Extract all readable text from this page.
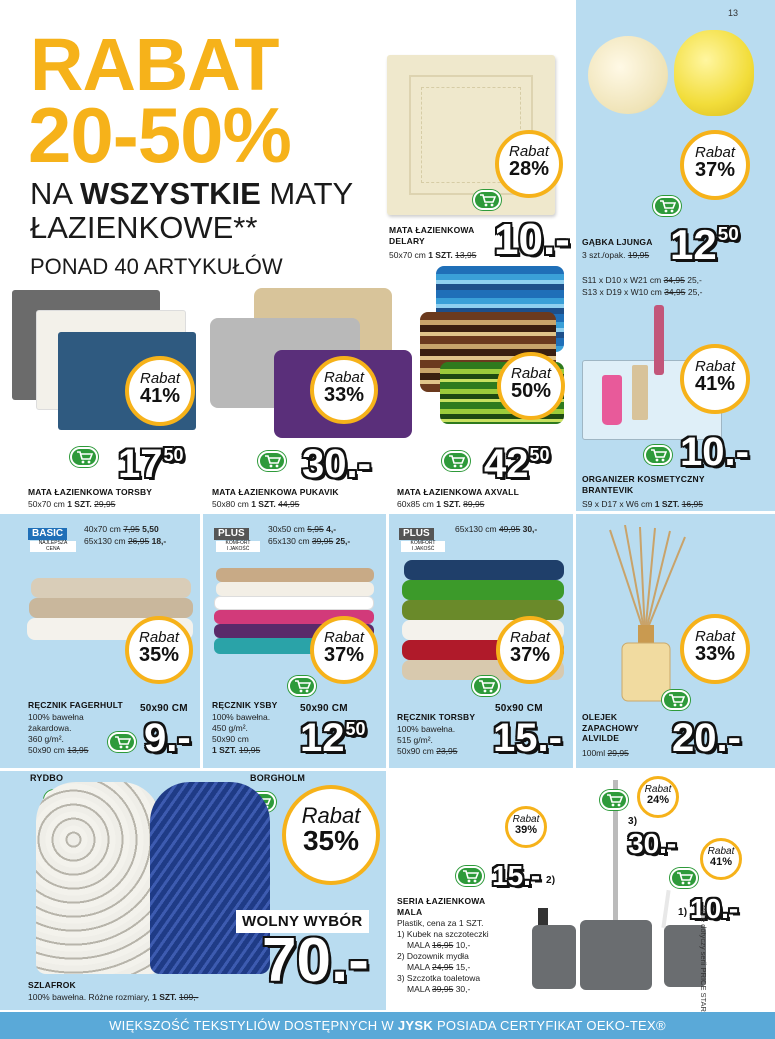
13
RABAT
20-50%
NA WSZYSTKIE MATY
ŁAZIENKOWE**
PONAD 40 ARTYKUŁÓW
Rabat
28%
MATA ŁAZIENKOWA
DELARY
50x70 cm 1 SZT. 13,95 10.-
Rabat
37%
GĄBKA LJUNGA
3 szt./opak. 19,95 $12^{50}$
S11 x D10 x W21 cm 34,95 25,-
S13 x D19 x W10 cm 34,95 25,-
Rabat
41%
$17^{50}$
MATA ŁAZIENKOWA TORSBY
50x70 cm 1 SZT. 29,95
Rabat
33%
30.-
MATA ŁAZIENKOWA PUKAVIK
50x80 cm 1 SZT. 44,95
Rabat
50%
$42^{50}$
MATA ŁAZIENKOWA AXVALL
60x85 cm 1 SZT. 89,95
Rabat
41%
10.-
ORGANIZER KOSMETYCZNY
BRANTEVIK
S9 x D17 x W6 cm 1 SZT. 16,95
BASIC
NAJLEPSZA
CENA
40x70 cm 7,95 5,50
65x130 cm 26,95 18,-
Rabat
35%
RĘCZNIK FAGERHULT
100% bawełna
żakardowa.
360 g/m².
50x90 cm 13,95
50x90 CM
9.-
PLUS
KOMFORT
I JAKOŚĆ
30x50 cm 5,95 4,-
65x130 cm 39,95 25,-
Rabat
37%
RĘCZNIK YSBY
100% bawełna.
450 g/m².
50x90 cm
1 SZT. 19,95
50x90 CM
$12^{50}$
PLUS
KOMFORT
I JAKOŚĆ
65x130 cm 49,95 30,-
Rabat
37%
RĘCZNIK TORSBY
100% bawełna.
515 g/m².
50x90 cm 23,95
50x90 CM
15.-
Rabat
33%
OLEJEK
ZAPACHOWY
ALVILDE
100ml 29,95 20.-
RYDBO	BORGHOLM
Rabat
35%
WOLNY WYBÓR
70.-
SZLAFROK
100% bawełna. Różne rozmiary, 1 SZT. 109,-
Rabat
39%
Rabat
24%
Rabat
41%
15.- 2)
3)
30.-
1) 10.-
SERIA ŁAZIENKOWA
MALA
Plastik, cena za 1 SZT.
1) Kubek na szczoteczki
MALA 16,95 10,-
2) Dozownik mydła
MALA 24,95 15,-
3) Szczotka toaletowa
MALA 39,95 30,-	**Nie dotyczy serii PRICE STAR
WIĘKSZOŚĆ TEKSTYLIÓW DOSTĘPNYCH W JYSK POSIADA CERTYFIKAT OEKO-TEX®
